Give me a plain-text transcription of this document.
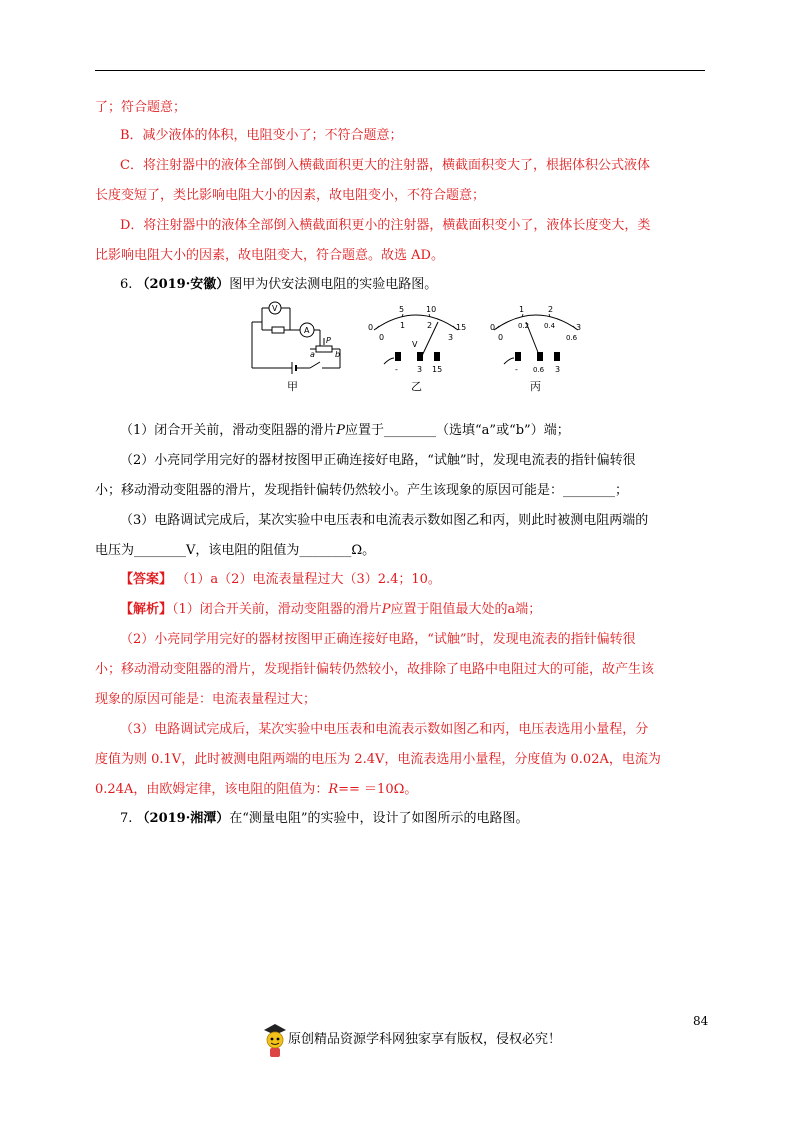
了；符合题意；
B．减少液体的体积，电阻变小了；不符合题意；
C．将注射器中的液体全部倒入横截面积更大的注射器，横截面积变大了，根据体积公式液体
长度变短了，类比影响电阻大小的因素，故电阻变小，不符合题意；
D．将注射器中的液体全部倒入横截面积更小的注射器，横截面积变小了，液体长度变大，类
比影响电阻大小的因素，故电阻变大，符合题意。故选 AD。
6. （2019·安徽）图甲为伏安法测电阻的实验电路图。
V
A
P
a	b
甲
0
5	10
15
0
1	2
3
V
- 3 15
乙
0
1	2
3
0
0.2 0.4
0.6
- 0.6 3
丙
（1）闭合开关前，滑动变阻器的滑片P应置于________（选填“a”或“b”）端；
（2）小亮同学用完好的器材按图甲正确连接好电路，“试触”时，发现电流表的指针偏转很
小；移动滑动变阻器的滑片，发现指针偏转仍然较小。产生该现象的原因可能是：________；
（3）电路调试完成后，某次实验中电压表和电流表示数如图乙和丙，则此时被测电阻两端的
电压为________V，该电阻的阻值为________Ω。
【答案】 （1）a（2）电流表量程过大（3）2.4；10。
【解析】（1）闭合开关前，滑动变阻器的滑片P应置于阻值最大处的a端；
（2）小亮同学用完好的器材按图甲正确连接好电路，“试触”时，发现电流表的指针偏转很
小；移动滑动变阻器的滑片，发现指针偏转仍然较小，故排除了电路中电阻过大的可能，故产生该
现象的原因可能是：电流表量程过大；
（3）电路调试完成后，某次实验中电压表和电流表示数如图乙和丙，电压表选用小量程，分
度值为则 0.1V，此时被测电阻两端的电压为 2.4V，电流表选用小量程，分度值为 0.02A，电流为
0.24A，由欧姆定律，该电阻的阻值为：R== ＝10Ω。
7. （2019·湘潭）在“测量电阻”的实验中，设计了如图所示的电路图。
84
原创精品资源学科网独家享有版权，侵权必究！
